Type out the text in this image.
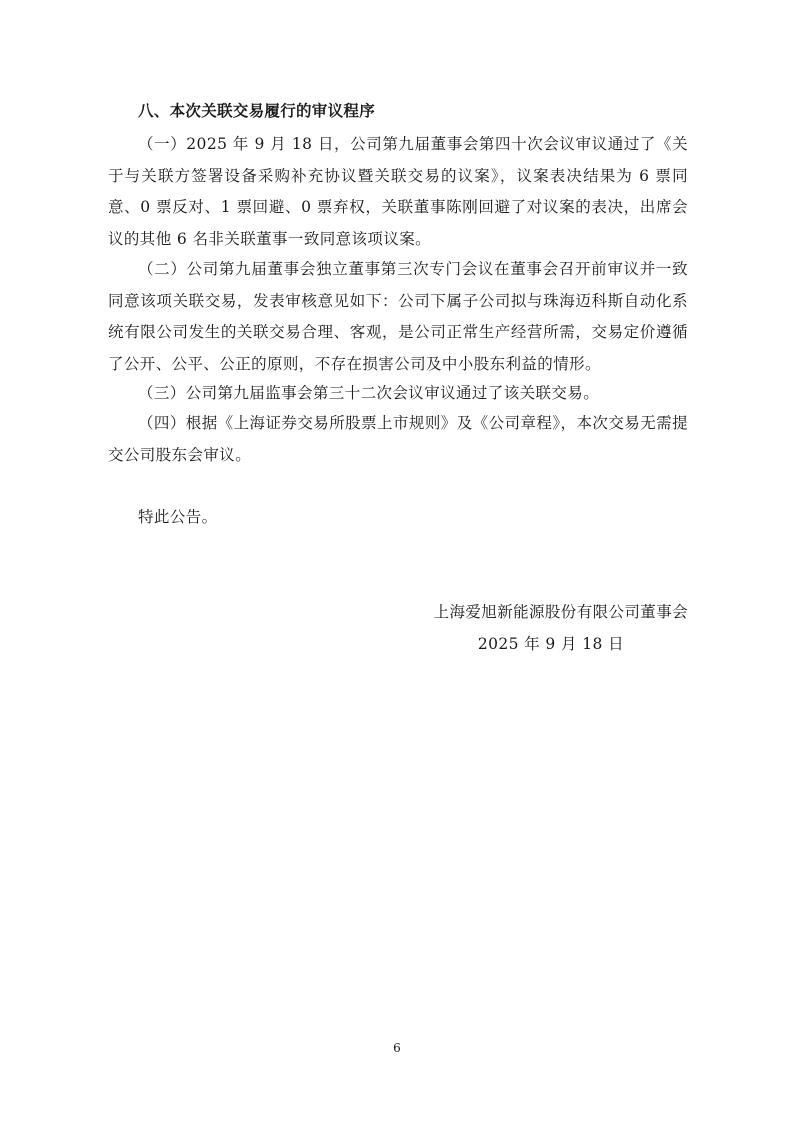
八、本次关联交易履行的审议程序
（一）2025 年 9 月 18 日，公司第九届董事会第四十次会议审议通过了《关于与关联方签署设备采购补充协议暨关联交易的议案》，议案表决结果为 6 票同意、0 票反对、1 票回避、0 票弃权，关联董事陈刚回避了对议案的表决，出席会议的其他 6 名非关联董事一致同意该项议案。
（二）公司第九届董事会独立董事第三次专门会议在董事会召开前审议并一致同意该项关联交易，发表审核意见如下：公司下属子公司拟与珠海迈科斯自动化系统有限公司发生的关联交易合理、客观，是公司正常生产经营所需，交易定价遵循了公开、公平、公正的原则，不存在损害公司及中小股东利益的情形。
（三）公司第九届监事会第三十二次会议审议通过了该关联交易。
（四）根据《上海证券交易所股票上市规则》及《公司章程》，本次交易无需提交公司股东会审议。
特此公告。
上海爱旭新能源股份有限公司董事会
2025 年 9 月 18 日
6
